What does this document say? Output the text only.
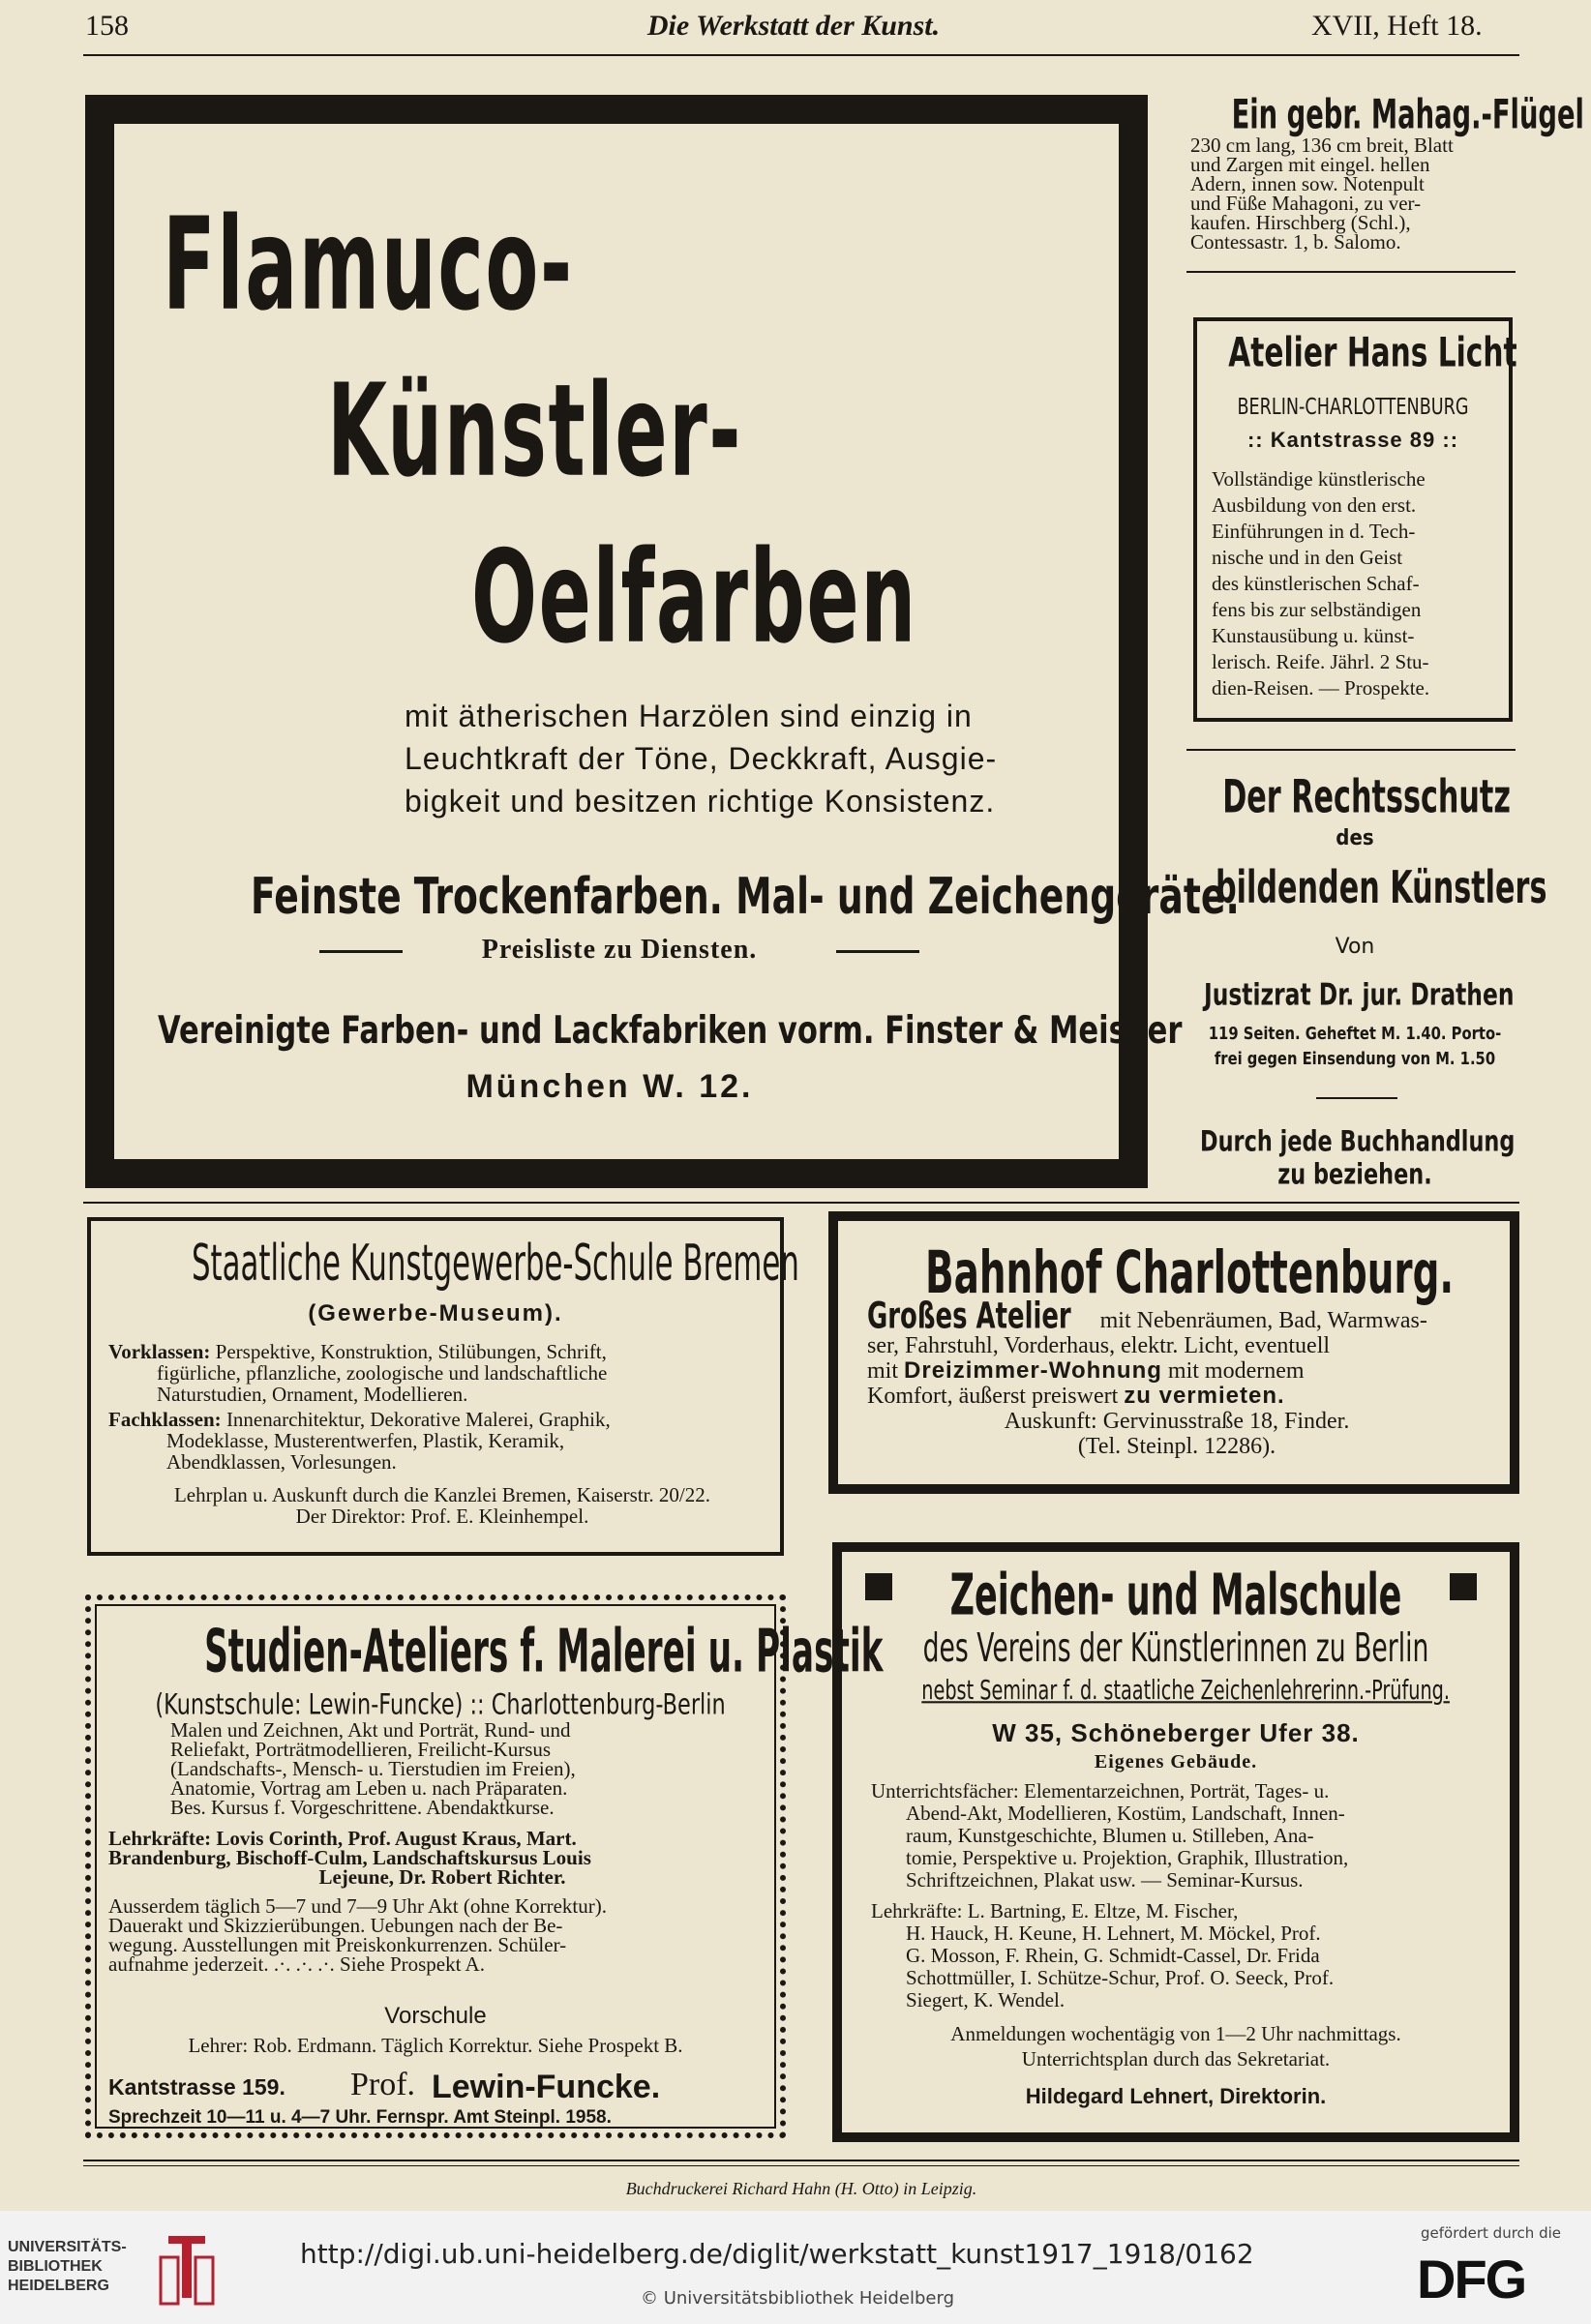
158	Die Werkstatt der Kunst.	XVII, Heft 18.
Flamuco-
Künstler-
Oelfarben
mit ätherischen Harzölen sind einzig in
Leuchtkraft der Töne, Deckkraft, Ausgie-
bigkeit und besitzen richtige Konsistenz.
Feinste Trockenfarben. Mal- und Zeichengeräte.
Preisliste zu Diensten.
Vereinigte Farben- und Lackfabriken vorm. Finster & Meisner
München W. 12.
Ein gebr. Mahag.-Flügel
230 cm lang, 136 cm breit, Blatt
und Zargen mit eingel. hellen
Adern, innen sow. Notenpult
und Füße Mahagoni, zu ver-
kaufen. Hirschberg (Schl.),
Contessastr. 1, b. Salomo.
Atelier Hans Licht
BERLIN-CHARLOTTENBURG
:: Kantstrasse 89 ::
Vollständige künstlerische
Ausbildung von den erst.
Einführungen in d. Tech-
nische und in den Geist
des künstlerischen Schaf-
fens bis zur selbständigen
Kunstausübung u. künst-
lerisch. Reife. Jährl. 2 Stu-
dien-Reisen. — Prospekte.
Der Rechtsschutz
des
bildenden Künstlers
Von
Justizrat Dr. jur. Drathen
119 Seiten. Geheftet M. 1.40. Porto-
frei gegen Einsendung von M. 1.50
Durch jede Buchhandlung
zu beziehen.
Staatliche Kunstgewerbe-Schule Bremen
(Gewerbe-Museum).
Vorklassen: Perspektive, Konstruktion, Stilübungen, Schrift,
figürliche, pflanzliche, zoologische und landschaftliche
Naturstudien, Ornament, Modellieren.
Fachklassen: Innenarchitektur, Dekorative Malerei, Graphik,
Modeklasse, Musterentwerfen, Plastik, Keramik,
Abendklassen, Vorlesungen.
Lehrplan u. Auskunft durch die Kanzlei Bremen, Kaiserstr. 20/22.
Der Direktor: Prof. E. Kleinhempel.
Bahnhof Charlottenburg.
Großes Atelier mit Nebenräumen, Bad, Warmwas-
ser, Fahrstuhl, Vorderhaus, elektr. Licht, eventuell
mit Dreizimmer-Wohnung mit modernem
Komfort, äußerst preiswert zu vermieten.
Auskunft: Gervinusstraße 18, Finder.
(Tel. Steinpl. 12286).
Studien-Ateliers f. Malerei u. Plastik
(Kunstschule: Lewin-Funcke) :: Charlottenburg-Berlin
Malen und Zeichnen, Akt und Porträt, Rund- und
Reliefakt, Porträtmodellieren, Freilicht-Kursus
(Landschafts-, Mensch- u. Tierstudien im Freien),
Anatomie, Vortrag am Leben u. nach Präparaten.
Bes. Kursus f. Vorgeschrittene. Abendaktkurse.
Lehrkräfte: Lovis Corinth, Prof. August Kraus, Mart.
Brandenburg, Bischoff-Culm, Landschaftskursus Louis
Lejeune, Dr. Robert Richter.
Ausserdem täglich 5—7 und 7—9 Uhr Akt (ohne Korrektur).
Dauerakt und Skizzierübungen. Uebungen nach der Be-
wegung. Ausstellungen mit Preiskonkurrenzen. Schüler-
aufnahme jederzeit. .·. .·. .·. Siehe Prospekt A.
Vorschule
Lehrer: Rob. Erdmann. Täglich Korrektur. Siehe Prospekt B.
Kantstrasse 159. Prof. Lewin-Funcke.
Sprechzeit 10—11 u. 4—7 Uhr. Fernspr. Amt Steinpl. 1958.
Zeichen- und Malschule
des Vereins der Künstlerinnen zu Berlin
nebst Seminar f. d. staatliche Zeichenlehrerinn.-Prüfung.
W 35, Schöneberger Ufer 38.
Eigenes Gebäude.
Unterrichtsfächer: Elementarzeichnen, Porträt, Tages- u.
Abend-Akt, Modellieren, Kostüm, Landschaft, Innen-
raum, Kunstgeschichte, Blumen u. Stilleben, Ana-
tomie, Perspektive u. Projektion, Graphik, Illustration,
Schriftzeichnen, Plakat usw. — Seminar-Kursus.
Lehrkräfte: L. Bartning, E. Eltze, M. Fischer,
H. Hauck, H. Keune, H. Lehnert, M. Möckel, Prof.
G. Mosson, F. Rhein, G. Schmidt-Cassel, Dr. Frida
Schottmüller, I. Schütze-Schur, Prof. O. Seeck, Prof.
Siegert, K. Wendel.
Anmeldungen wochentägig von 1—2 Uhr nachmittags.
Unterrichtsplan durch das Sekretariat.
Hildegard Lehnert, Direktorin.
Buchdruckerei Richard Hahn (H. Otto) in Leipzig.
UNIVERSITÄTS-
BIBLIOTHEK
HEIDELBERG
http://digi.ub.uni-heidelberg.de/diglit/werkstatt_kunst1917_1918/0162
© Universitätsbibliothek Heidelberg
gefördert durch die
DFG
